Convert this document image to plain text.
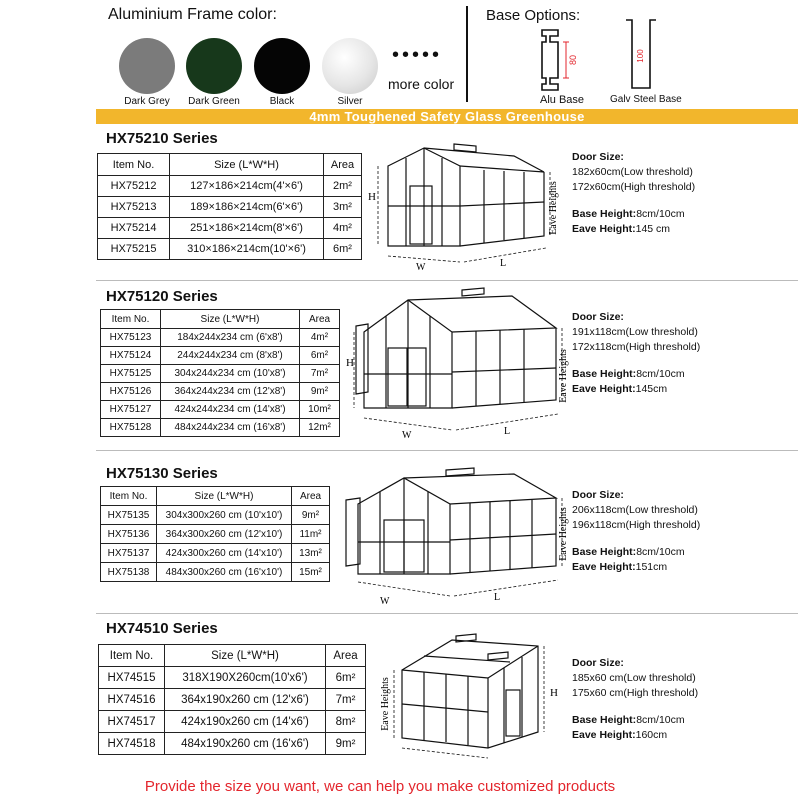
Aluminium Frame color:
Dark Grey	Dark Green	Black	Silver
•••••
more color
Base Options:
80
Alu Base
100
Galv Steel Base
4mm Toughened Safety Glass Greenhouse
HX75210 Series
Item No.	Size (L*W*H)	Area
HX75212	127×186×214cm(4'×6')	2m²
HX75213	189×186×214cm(6'×6')	3m²
HX75214	251×186×214cm(8'×6')	4m²
HX75215	310×186×214cm(10'×6')	6m²
H
W	L
Eave Heights
Door Size:
182x60cm(Low threshold)
172x60cm(High threshold)
Base Height:8cm/10cm
Eave Height:145 cm
HX75120 Series
Item No.	Size (L*W*H)	Area
HX75123	184x244x234 cm (6'x8')	4m²
HX75124	244x244x234 cm (8'x8')	6m²
HX75125	304x244x234 cm (10'x8')	7m²
HX75126	364x244x234 cm (12'x8')	9m²
HX75127	424x244x234 cm (14'x8')	10m²
HX75128	484x244x234 cm (16'x8')	12m²
H
W	L
Eave Heights
Door Size:
191x118cm(Low threshold)
172x118cm(High threshold)
Base Height:8cm/10cm
Eave Height:145cm
HX75130 Series
Item No.	Size (L*W*H)	Area
HX75135	304x300x260 cm (10'x10')	9m²
HX75136	364x300x260 cm (12'x10')	11m²
HX75137	424x300x260 cm (14'x10')	13m²
HX75138	484x300x260 cm (16'x10')	15m²
W	L
Eave Heights
Door Size:
206x118cm(Low threshold)
196x118cm(High threshold)
Base Height:8cm/10cm
Eave Height:151cm
HX74510 Series
Item No.	Size (L*W*H)	Area
HX74515	318X190X260cm(10'x6')	6m²
HX74516	364x190x260 cm (12'x6')	7m²
HX74517	424x190x260 cm (14'x6')	8m²
HX74518	484x190x260 cm (16'x6')	9m²
Eave Heights	H
Door Size:
185x60 cm(Low threshold)
175x60 cm(High threshold)
Base Height:8cm/10cm
Eave Height:160cm
Provide the size you want, we can help you make customized products
